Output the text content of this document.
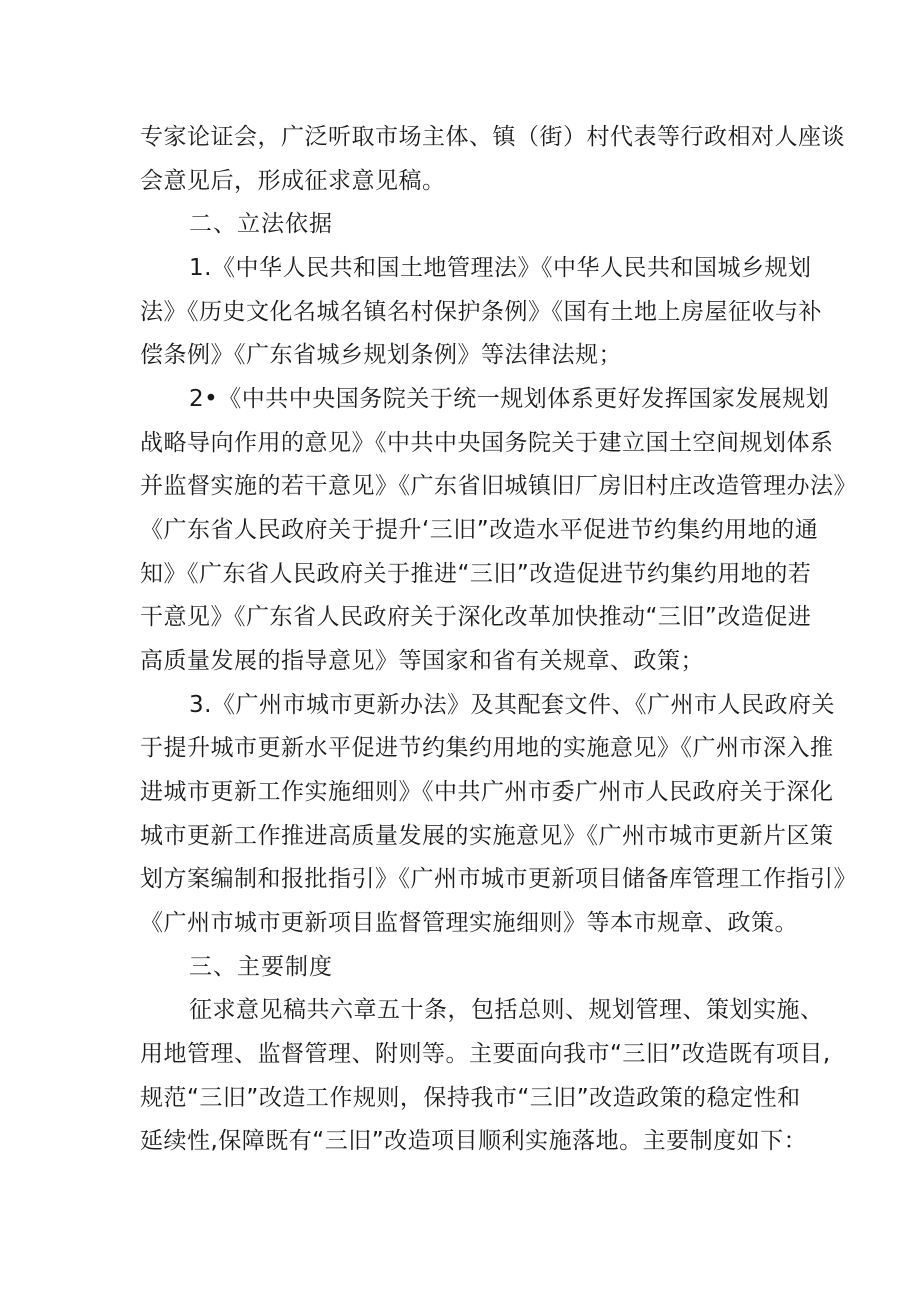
专家论证会，广泛听取市场主体、镇（街）村代表等行政相对人座谈
会意见后，形成征求意见稿。
二、立法依据
1.《中华人民共和国土地管理法》《中华人民共和国城乡规划
法》《历史文化名城名镇名村保护条例》《国有土地上房屋征收与补
偿条例》《广东省城乡规划条例》等法律法规；
2•《中共中央国务院关于统一规划体系更好发挥国家发展规划
战略导向作用的意见》《中共中央国务院关于建立国土空间规划体系
并监督实施的若干意见》《广东省旧城镇旧厂房旧村庄改造管理办法》
《广东省人民政府关于提升‘三旧”改造水平促进节约集约用地的通
知》《广东省人民政府关于推进“三旧”改造促进节约集约用地的若
干意见》《广东省人民政府关于深化改革加快推动“三旧”改造促进
高质量发展的指导意见》等国家和省有关规章、政策；
3.《广州市城市更新办法》及其配套文件、《广州市人民政府关
于提升城市更新水平促进节约集约用地的实施意见》《广州市深入推
进城市更新工作实施细则》《中共广州市委广州市人民政府关于深化
城市更新工作推进高质量发展的实施意见》《广州市城市更新片区策
划方案编制和报批指引》《广州市城市更新项目储备库管理工作指引》
《广州市城市更新项目监督管理实施细则》等本市规章、政策。
三、主要制度
征求意见稿共六章五十条，包括总则、规划管理、策划实施、
用地管理、监督管理、附则等。主要面向我市“三旧”改造既有项目,
规范“三旧”改造工作规则，保持我市“三旧”改造政策的稳定性和
延续性,保障既有“三旧”改造项目顺利实施落地。主要制度如下：
